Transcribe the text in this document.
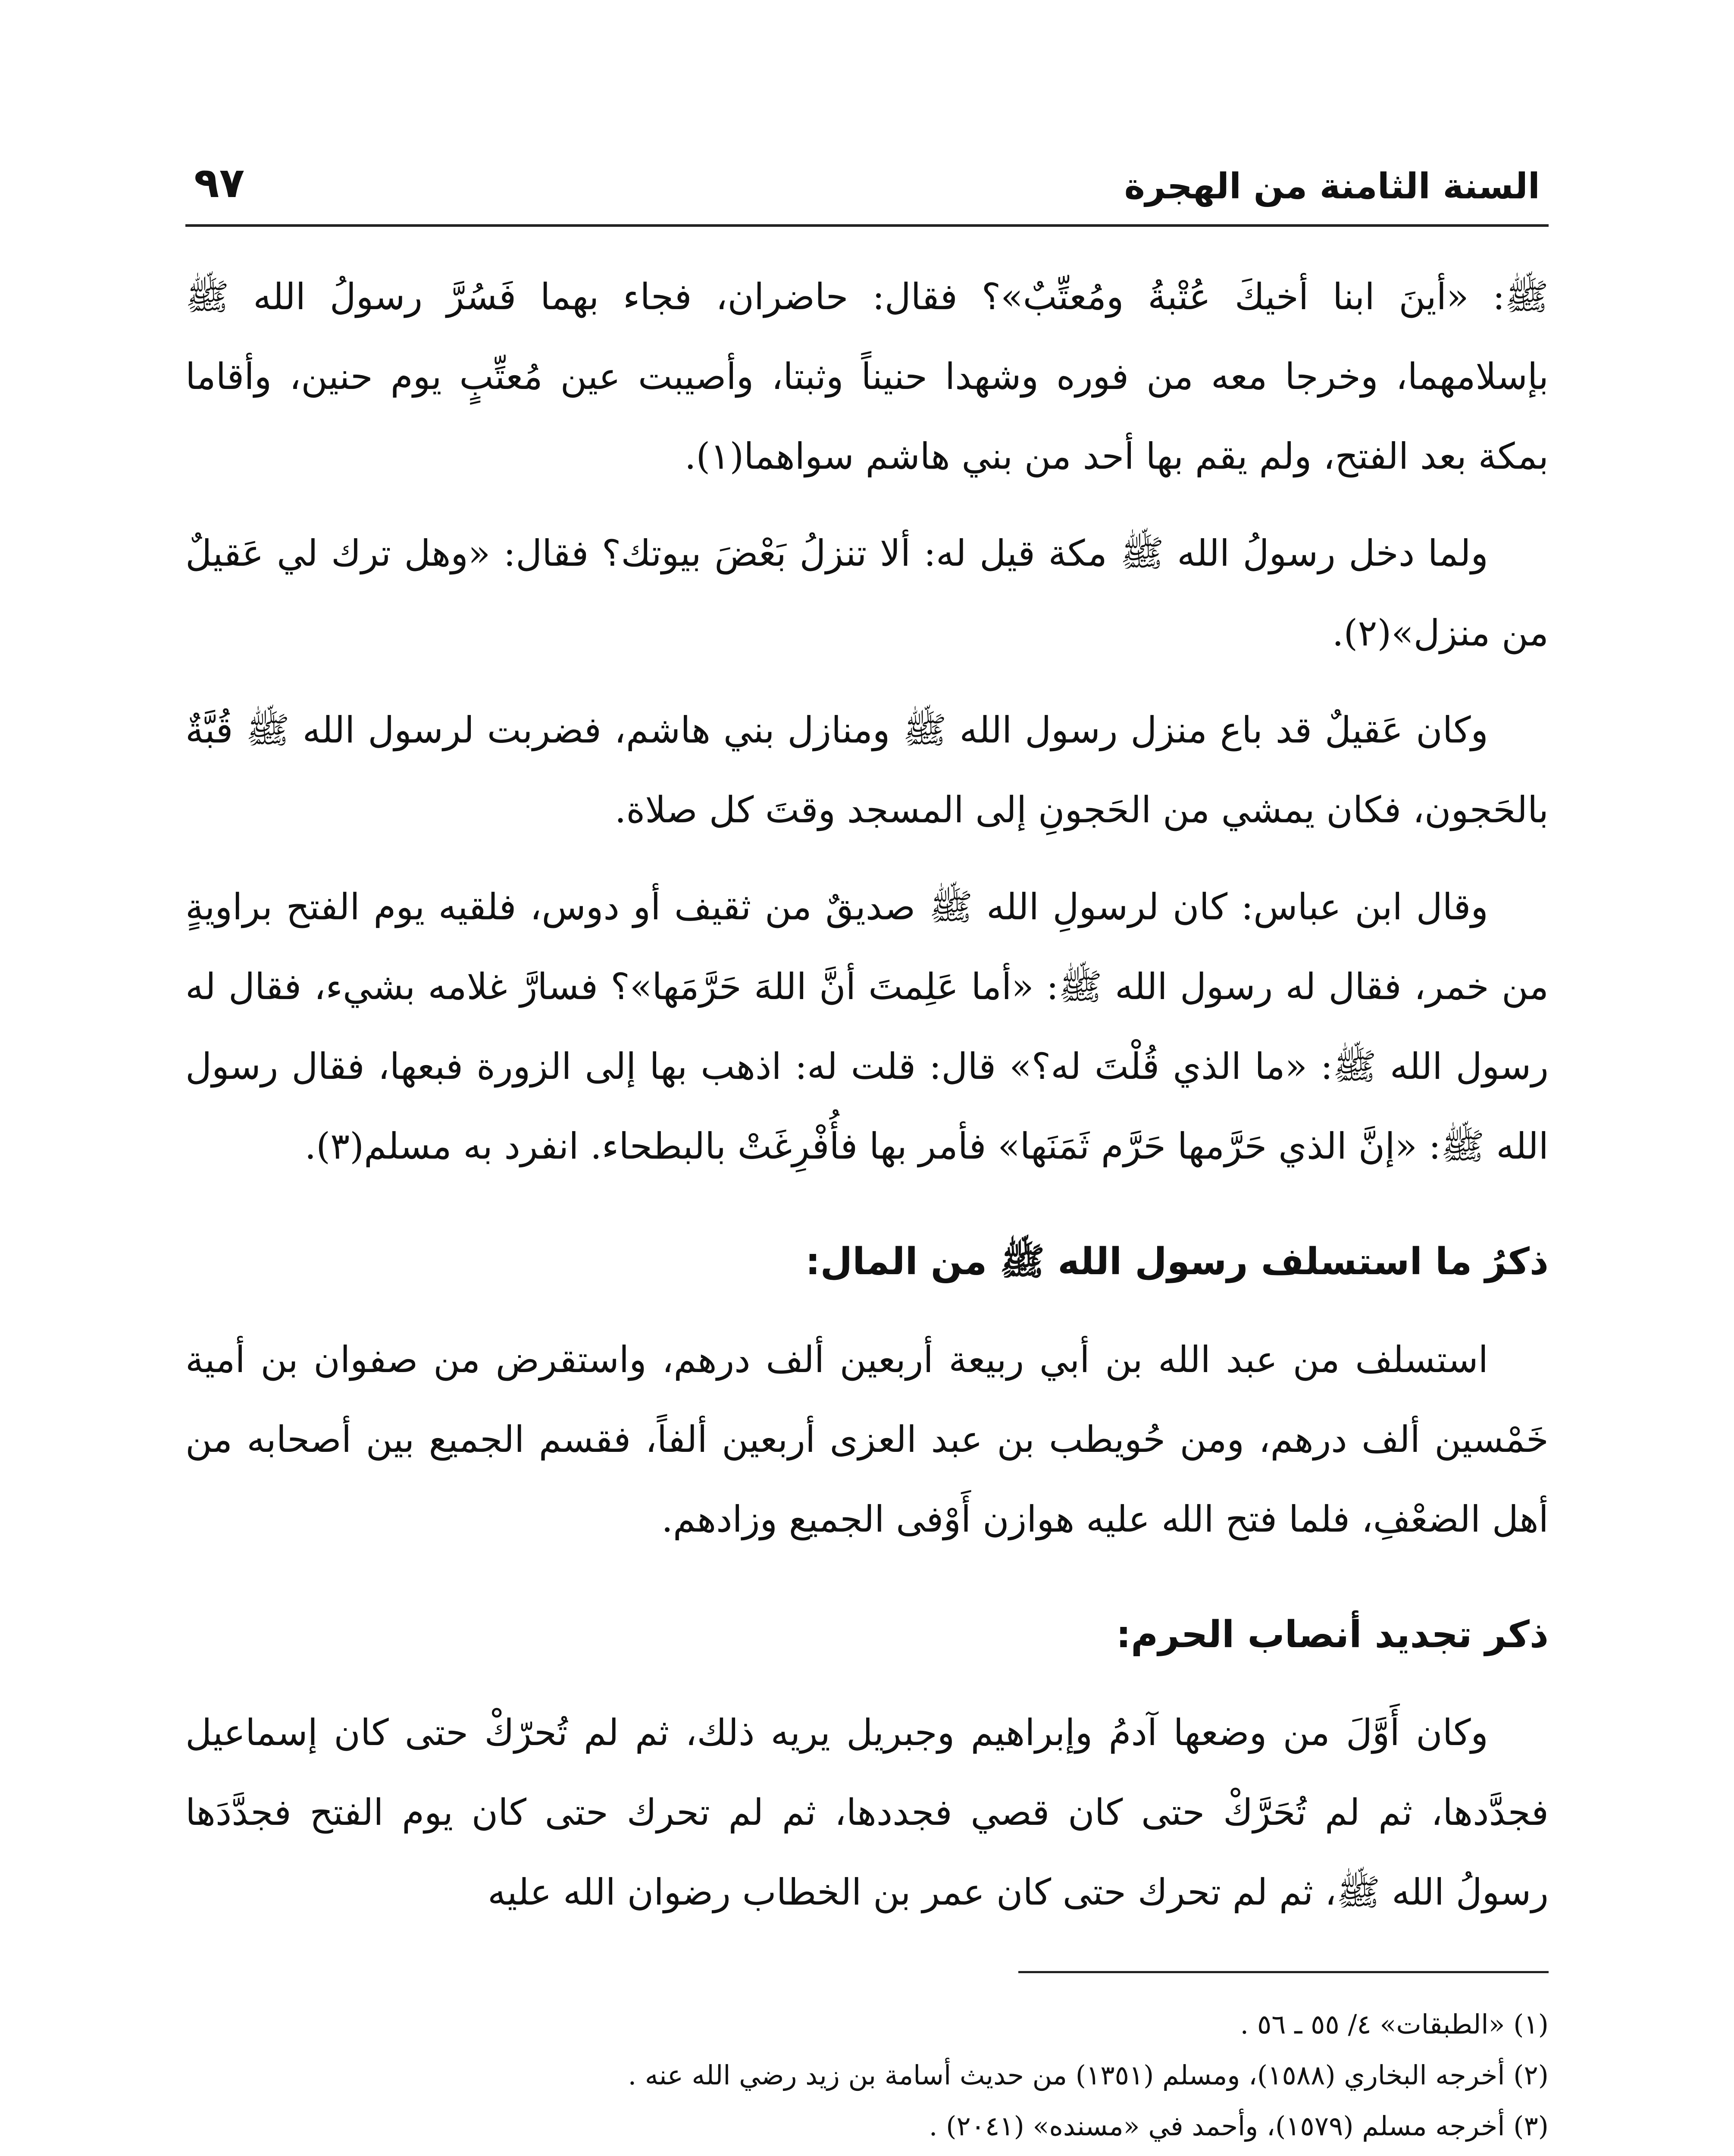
السنة الثامنة من الهجرة
٩٧

ﷺ: «أينَ ابنا أخيكَ عُتْبةُ ومُعتِّبٌ»؟ فقال: حاضران، فجاء بهما فَسُرَّ رسولُ الله ﷺ بإسلامهما، وخرجا معه من فوره وشهدا حنيناً وثبتا، وأصيبت عين مُعتِّبٍ يوم حنين، وأقاما بمكة بعد الفتح، ولم يقم بها أحد من بني هاشم سواهما(١).

ولما دخل رسولُ الله ﷺ مكة قيل له: ألا تنزلُ بَعْضَ بيوتك؟ فقال: «وهل ترك لي عَقيلٌ من منزل»(٢).

وكان عَقيلٌ قد باع منزل رسول الله ﷺ ومنازل بني هاشم، فضربت لرسول الله ﷺ قُبَّةٌ بالحَجون، فكان يمشي من الحَجونِ إلى المسجد وقتَ كل صلاة.

وقال ابن عباس: كان لرسولِ الله ﷺ صديقٌ من ثقيف أو دوس، فلقيه يوم الفتح براويةٍ من خمر، فقال له رسول الله ﷺ: «أما عَلِمتَ أنَّ اللهَ حَرَّمَها»؟ فسارَّ غلامه بشيء، فقال له رسول الله ﷺ: «ما الذي قُلْتَ له؟» قال: قلت له: اذهب بها إلى الزورة فبعها، فقال رسول الله ﷺ: «إنَّ الذي حَرَّمها حَرَّم ثَمَنَها» فأمر بها فأُفْرِغَتْ بالبطحاء. انفرد به مسلم(٣).

ذكرُ ما استسلف رسول الله ﷺ من المال:

استسلف من عبد الله بن أبي ربيعة أربعين ألف درهم، واستقرض من صفوان بن أمية خَمْسين ألف درهم، ومن حُويطب بن عبد العزى أربعين ألفاً، فقسم الجميع بين أصحابه من أهل الضعْفِ، فلما فتح الله عليه هوازن أَوْفى الجميع وزادهم.

ذكر تجديد أنصاب الحرم:

وكان أَوَّلَ من وضعها آدمُ وإبراهيم وجبريل يريه ذلك، ثم لم تُحرّكْ حتى كان إسماعيل فجدَّدها، ثم لم تُحَرَّكْ حتى كان قصي فجددها، ثم لم تحرك حتى كان يوم الفتح فجدَّدَها رسولُ الله ﷺ، ثم لم تحرك حتى كان عمر بن الخطاب رضوان الله عليه

(١) «الطبقات» ٤/ ٥٥ ـ ٥٦ .

(٢) أخرجه البخاري (١٥٨٨)، ومسلم (١٣٥١) من حديث أسامة بن زيد رضي الله عنه .

(٣) أخرجه مسلم (١٥٧٩)، وأحمد في «مسنده» (٢٠٤١) .
